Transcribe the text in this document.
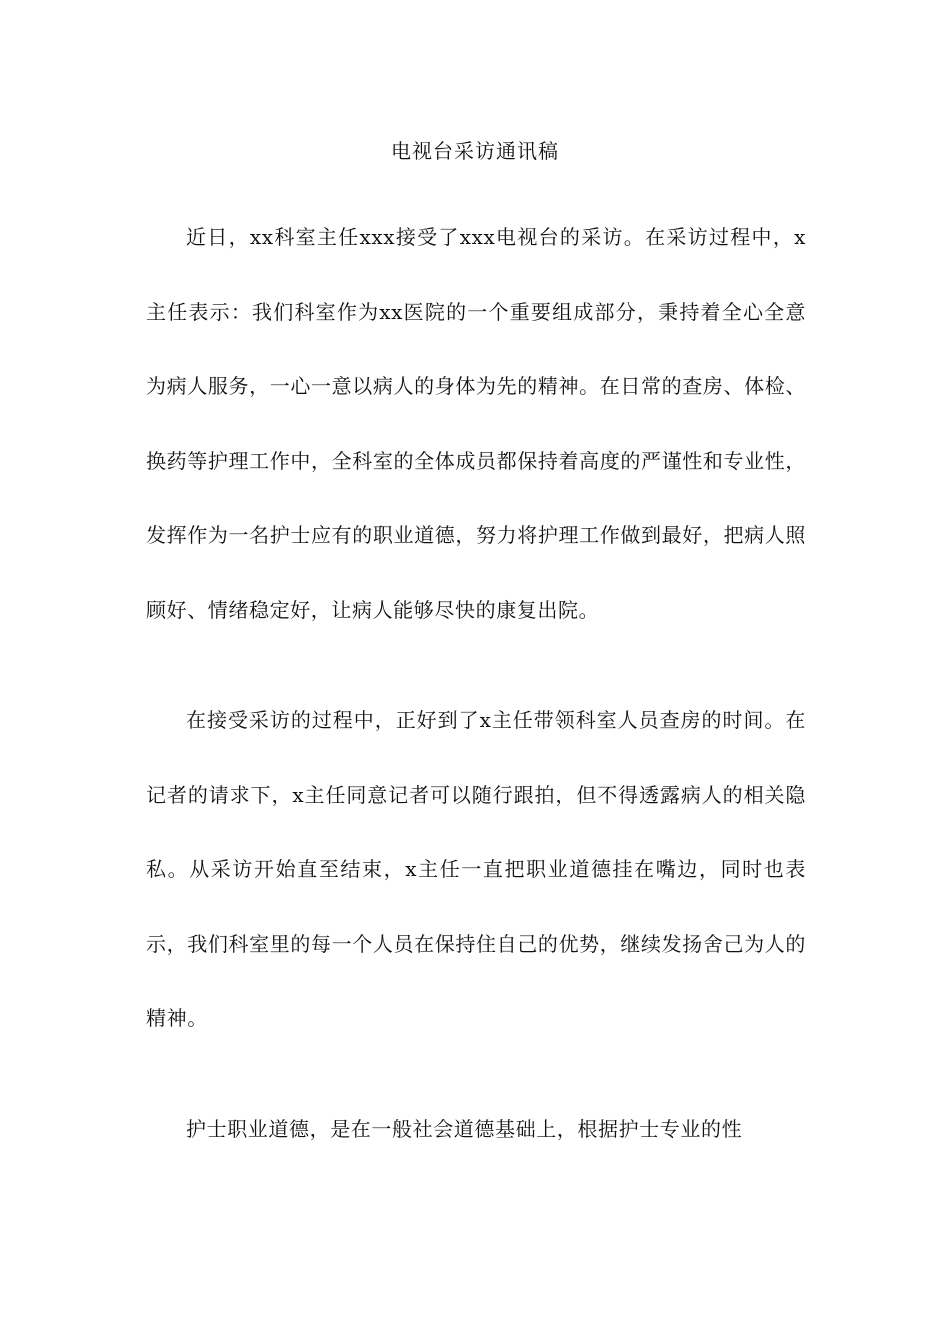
电视台采访通讯稿

近日，xx科室主任xxx接受了xxx电视台的采访。在采访过程中，x主任表示：我们科室作为xx医院的一个重要组成部分，秉持着全心全意为病人服务，一心一意以病人的身体为先的精神。在日常的查房、体检、换药等护理工作中，全科室的全体成员都保持着高度的严谨性和专业性，发挥作为一名护士应有的职业道德，努力将护理工作做到最好，把病人照顾好、情绪稳定好，让病人能够尽快的康复出院。

在接受采访的过程中，正好到了x主任带领科室人员查房的时间。在记者的请求下，x主任同意记者可以随行跟拍，但不得透露病人的相关隐私。从采访开始直至结束，x主任一直把职业道德挂在嘴边，同时也表示，我们科室里的每一个人员在保持住自己的优势，继续发扬舍己为人的精神。

护士职业道德，是在一般社会道德基础上，根据护士专业的性
